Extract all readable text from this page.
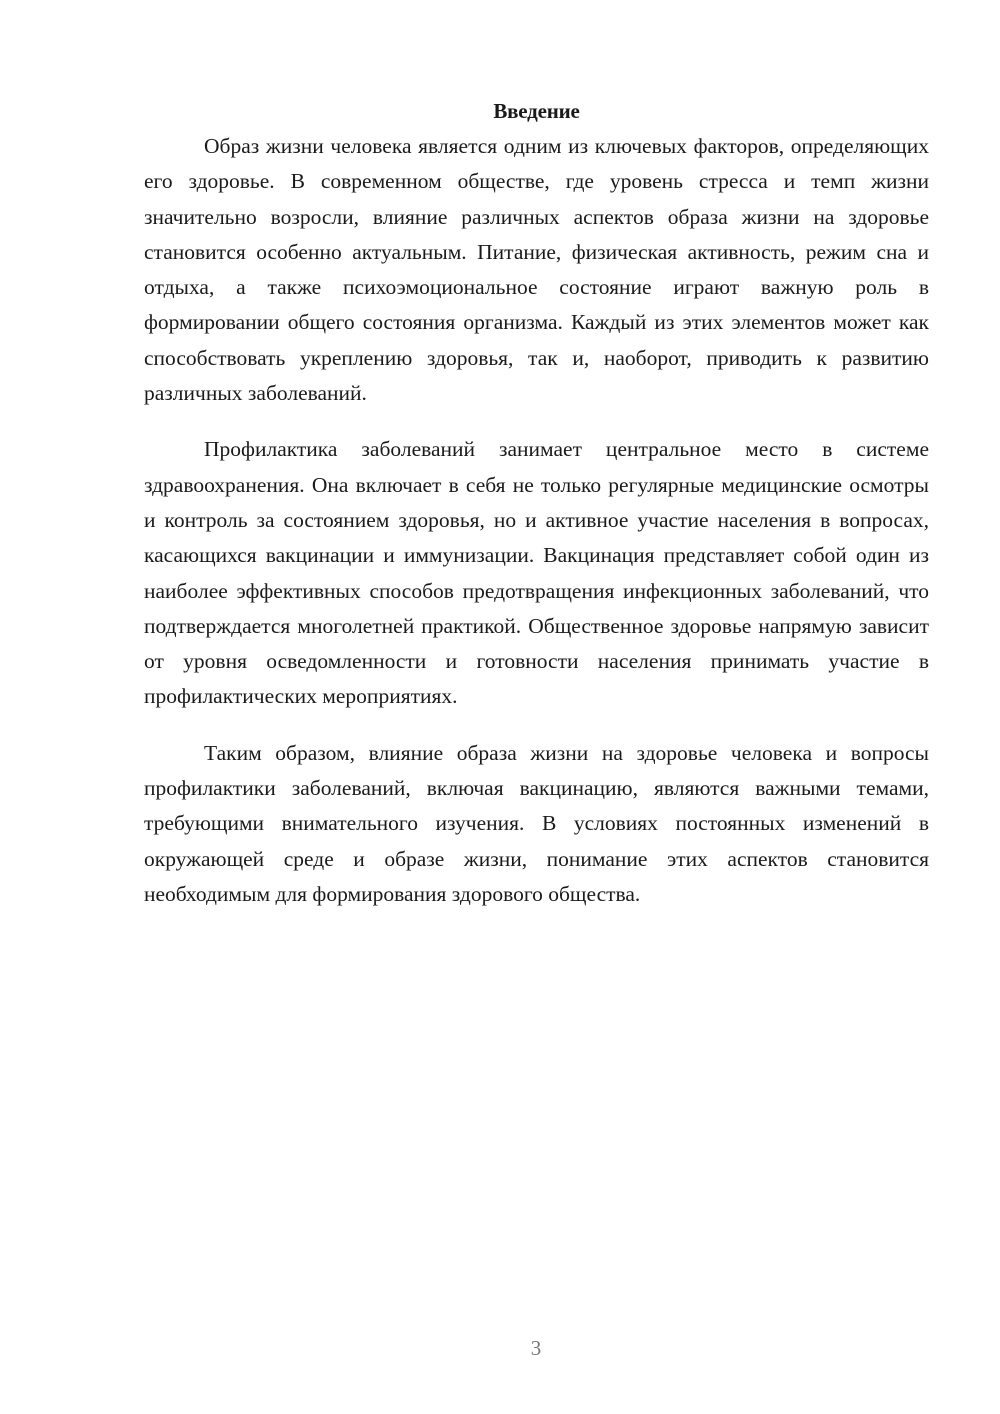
Введение

Образ жизни человека является одним из ключевых факторов, определяющих его здоровье. В современном обществе, где уровень стресса и темп жизни значительно возросли, влияние различных аспектов образа жизни на здоровье становится особенно актуальным. Питание, физическая активность, режим сна и отдыха, а также психоэмоциональное состояние играют важную роль в формировании общего состояния организма. Каждый из этих элементов может как способствовать укреплению здоровья, так и, наоборот, приводить к развитию различных заболеваний.

Профилактика заболеваний занимает центральное место в системе здравоохранения. Она включает в себя не только регулярные медицинские осмотры и контроль за состоянием здоровья, но и активное участие населения в вопросах, касающихся вакцинации и иммунизации. Вакцинация представляет собой один из наиболее эффективных способов предотвращения инфекционных заболеваний, что подтверждается многолетней практикой. Общественное здоровье напрямую зависит от уровня осведомленности и готовности населения принимать участие в профилактических мероприятиях.

Таким образом, влияние образа жизни на здоровье человека и вопросы профилактики заболеваний, включая вакцинацию, являются важными темами, требующими внимательного изучения. В условиях постоянных изменений в окружающей среде и образе жизни, понимание этих аспектов становится необходимым для формирования здорового общества.

3
